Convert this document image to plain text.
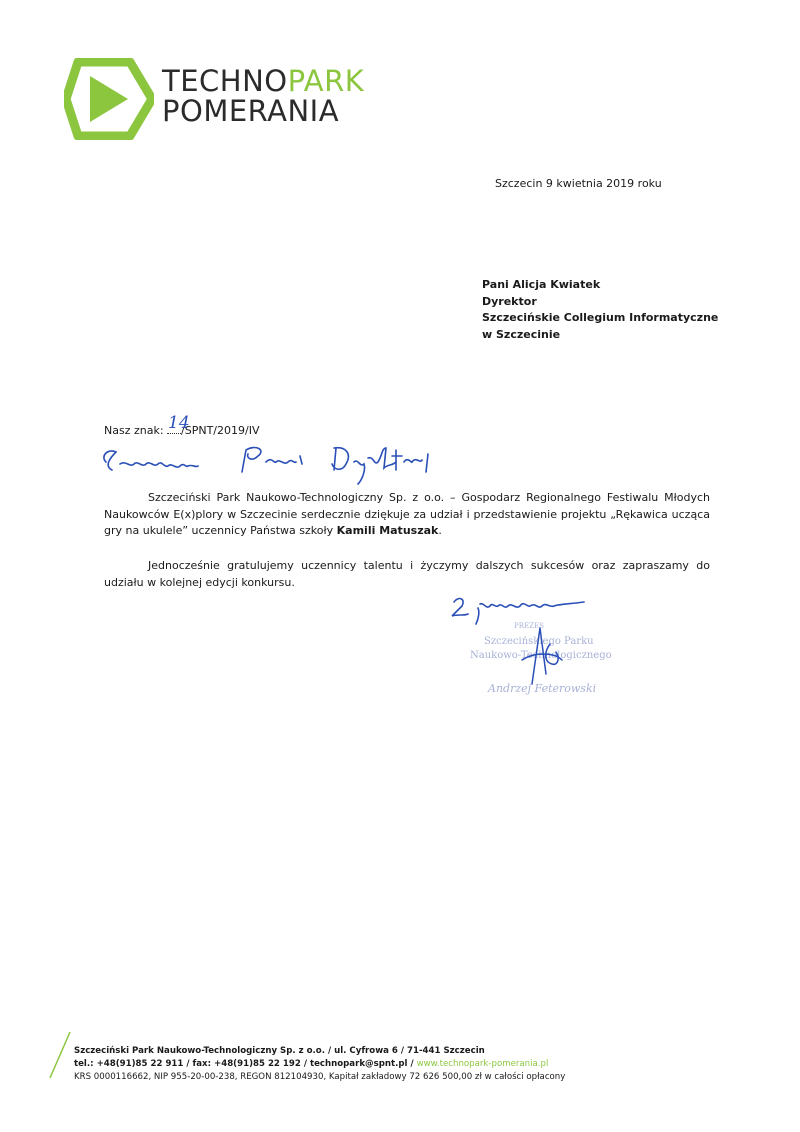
TECHNOPARK
POMERANIA
Szczecin 9 kwietnia 2019 roku
Pani Alicja Kwiatek
Dyrektor
Szczecińskie Collegium Informatyczne
w Szczecinie
Nasz znak: 14
/SPNT/2019/IV
Szczeciński Park Naukowo-Technologiczny Sp. z o.o. – Gospodarz Regionalnego Festiwalu Młodych Naukowców E(x)plory w Szczecinie serdecznie dziękuje za udział i przedstawienie projektu „Rękawica ucząca gry na ukulele” uczennicy Państwa szkoły Kamili Matuszak.
Jednocześnie gratulujemy uczennicy talentu i życzymy dalszych sukcesów oraz zapraszamy do udziału w kolejnej edycji konkursu.
PREZES
Szczecińskiego Parku
Naukowo-Technologicznego
Andrzej Feterowski
Szczeciński Park Naukowo-Technologiczny Sp. z o.o. / ul. Cyfrowa 6 / 71-441 Szczecin
tel.: +48(91)85 22 911 / fax: +48(91)85 22 192 / technopark@spnt.pl / www.technopark-pomerania.pl
KRS 0000116662, NIP 955-20-00-238, REGON 812104930, Kapitał zakładowy 72 626 500,00 zł w całości opłacony
